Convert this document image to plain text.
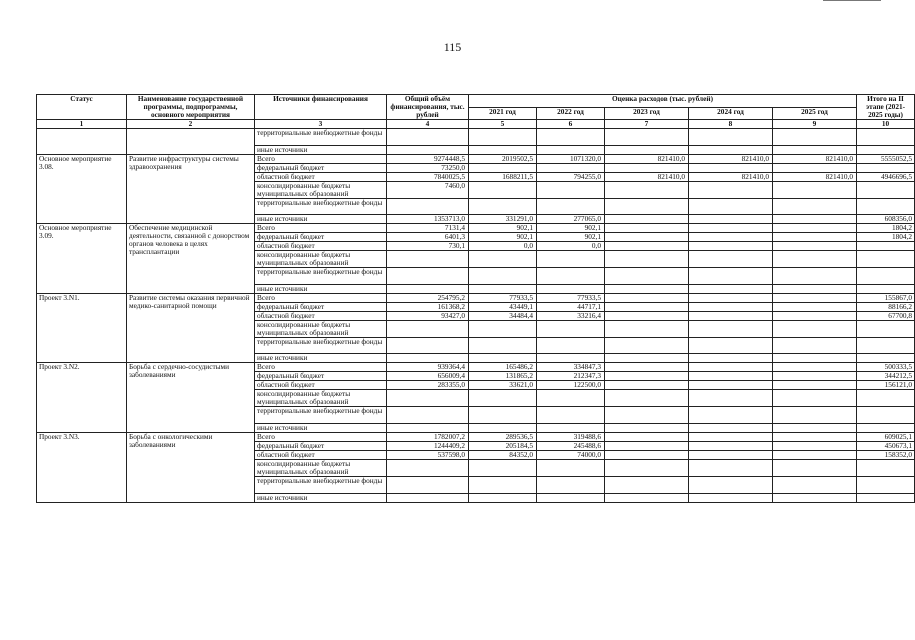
115
Статус	Наименование государственной программы, подпрограммы, основного мероприятия	Источники финансирования	Общий объём финансирования, тыс. рублей	Оценка расходов (тыс. рублей)					Итого на II этапе (2021-2025 годы)
				2021 год	2022 год	2023 год	2024 год	2025 год	
1	2	3	4	5	6	7	8	9	10
		территориальные внебюджетные фонды							
		иные источники							
Основное мероприятие 3.08.	Развитие инфраструктуры системы здравоохранения	Всего	9274448,5	2019502,5	1071320,0	821410,0	821410,0	821410,0	5555052,5
		федеральный бюджет	73250,0						
		областной бюджет	7840025,5	1688211,5	794255,0	821410,0	821410,0	821410,0	4946696,5
		консолидированные бюджеты муниципальных образований	7460,0						
		территориальные внебюджетные фонды							
		иные источники	1353713,0	331291,0	277065,0				608356,0
Основное мероприятие 3.09.	Обеспечение медицинской деятельности, связанной с донорством органов человека в целях трансплантации	Всего	7131,4	902,1	902,1				1804,2
		федеральный бюджет	6401,3	902,1	902,1				1804,2
		областной бюджет	730,1	0,0	0,0				
		консолидированные бюджеты муниципальных образований							
		территориальные внебюджетные фонды							
		иные источники							
Проект 3.N1.	Развитие системы оказания первичной медико-санитарной помощи	Всего	254795,2	77933,5	77933,5				155867,0
		федеральный бюджет	161368,2	43449,1	44717,1				88166,2
		областной бюджет	93427,0	34484,4	33216,4				67700,8
		консолидированные бюджеты муниципальных образований							
		территориальные внебюджетные фонды							
		иные источники							
Проект 3.N2.	Борьба с сердечно-сосудистыми заболеваниями	Всего	939364,4	165486,2	334847,3				500333,5
		федеральный бюджет	656009,4	131865,2	212347,3				344212,5
		областной бюджет	283355,0	33621,0	122500,0				156121,0
		консолидированные бюджеты муниципальных образований							
		территориальные внебюджетные фонды							
		иные источники							
Проект 3.N3.	Борьба с онкологическими заболеваниями	Всего	1782007,2	289536,5	319488,6				609025,1
		федеральный бюджет	1244409,2	205184,5	245488,6				450673,1
		областной бюджет	537598,0	84352,0	74000,0				158352,0
		консолидированные бюджеты муниципальных образований							
		территориальные внебюджетные фонды							
		иные источники							
